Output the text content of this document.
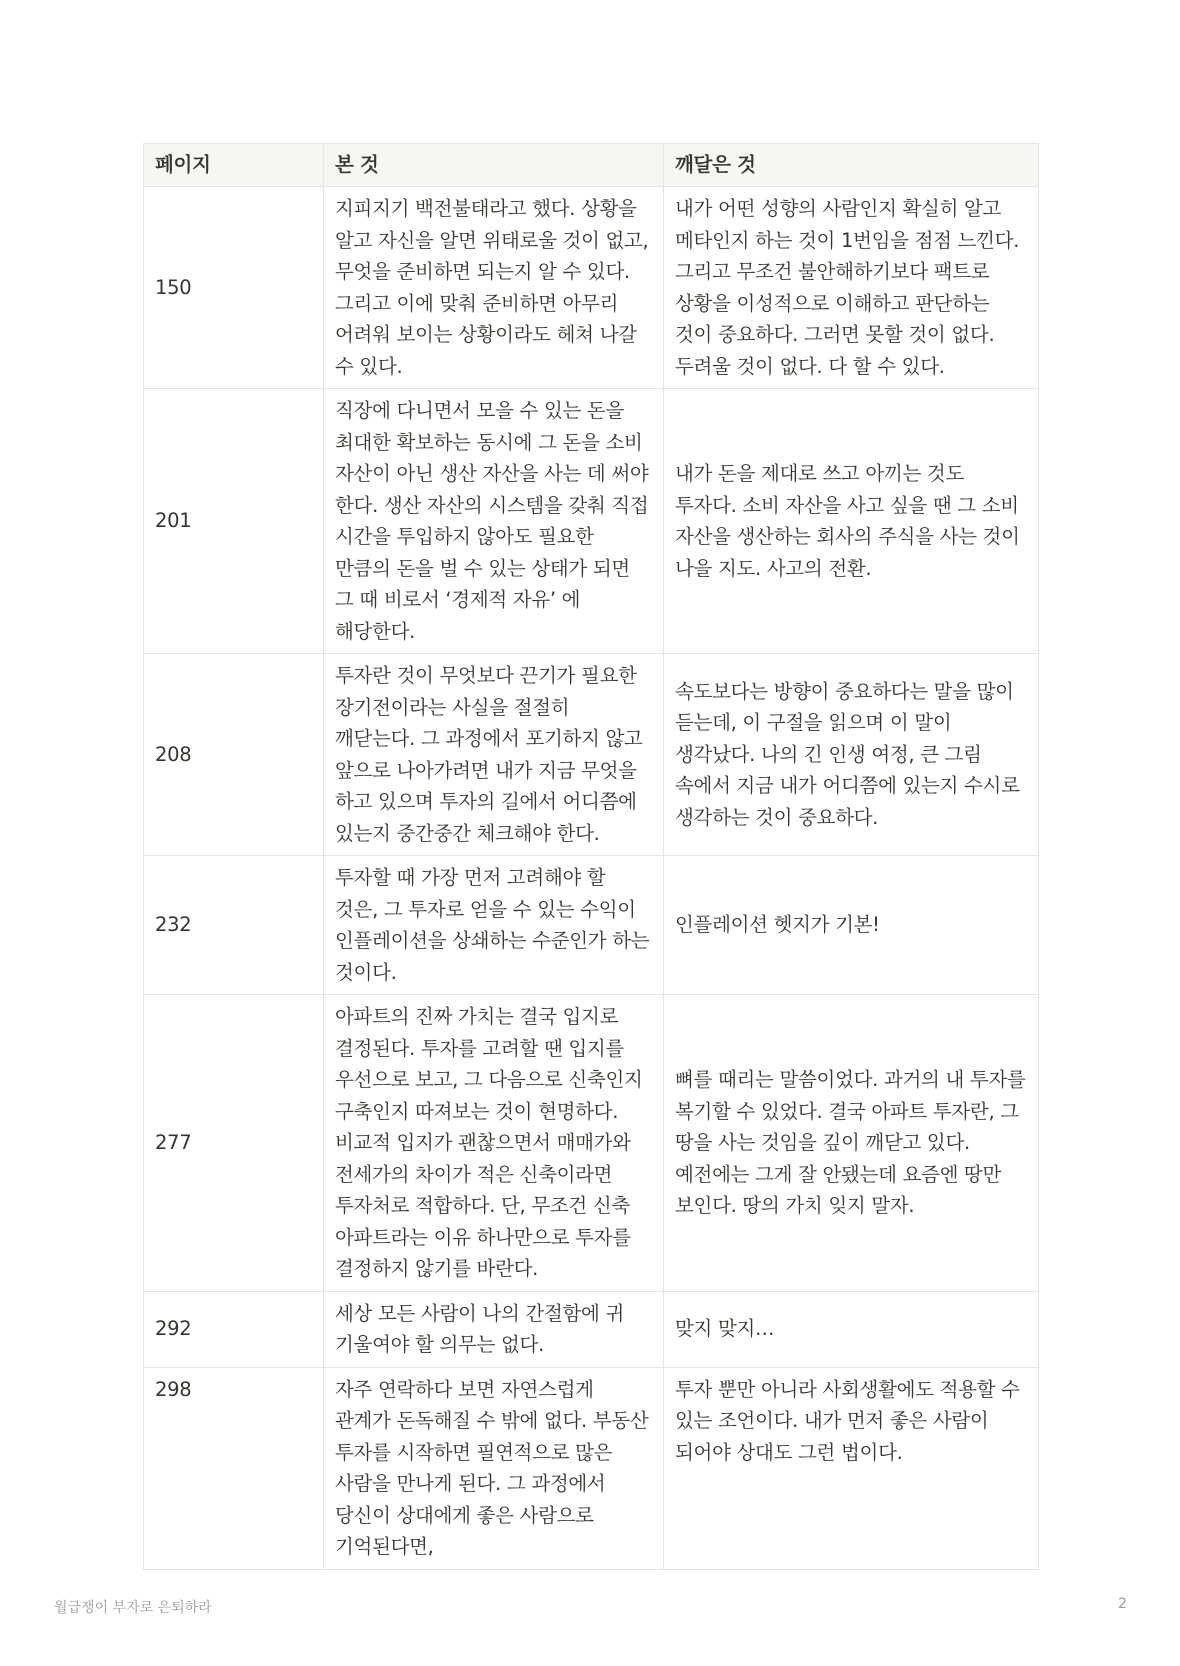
페이지	본 것	깨달은 것
150	지피지기 백전불태라고 했다. 상황을 알고 자신을 알면 위태로울 것이 없고, 무엇을 준비하면 되는지 알 수 있다. 그리고 이에 맞춰 준비하면 아무리 어려워 보이는 상황이라도 헤쳐 나갈 수 있다.	내가 어떤 성향의 사람인지 확실히 알고 메타인지 하는 것이 1번임을 점점 느낀다. 그리고 무조건 불안해하기보다 팩트로 상황을 이성적으로 이해하고 판단하는 것이 중요하다. 그러면 못할 것이 없다. 두려울 것이 없다. 다 할 수 있다.
201	직장에 다니면서 모을 수 있는 돈을 최대한 확보하는 동시에 그 돈을 소비 자산이 아닌 생산 자산을 사는 데 써야 한다. 생산 자산의 시스템을 갖춰 직접 시간을 투입하지 않아도 필요한 만큼의 돈을 벌 수 있는 상태가 되면 그 때 비로서 ‘경제적 자유’ 에 해당한다.	내가 돈을 제대로 쓰고 아끼는 것도 투자다. 소비 자산을 사고 싶을 땐 그 소비 자산을 생산하는 회사의 주식을 사는 것이 나을 지도. 사고의 전환.
208	투자란 것이 무엇보다 끈기가 필요한 장기전이라는 사실을 절절히 깨닫는다. 그 과정에서 포기하지 않고 앞으로 나아가려면 내가 지금 무엇을 하고 있으며 투자의 길에서 어디쯤에 있는지 중간중간 체크해야 한다.	속도보다는 방향이 중요하다는 말을 많이 듣는데, 이 구절을 읽으며 이 말이 생각났다. 나의 긴 인생 여정, 큰 그림 속에서 지금 내가 어디쯤에 있는지 수시로 생각하는 것이 중요하다.
232	투자할 때 가장 먼저 고려해야 할 것은, 그 투자로 얻을 수 있는 수익이 인플레이션을 상쇄하는 수준인가 하는 것이다.	인플레이션 헷지가 기본!
277	아파트의 진짜 가치는 결국 입지로 결정된다. 투자를 고려할 땐 입지를 우선으로 보고, 그 다음으로 신축인지 구축인지 따져보는 것이 현명하다. 비교적 입지가 괜찮으면서 매매가와 전세가의 차이가 적은 신축이라면 투자처로 적합하다. 단, 무조건 신축 아파트라는 이유 하나만으로 투자를 결정하지 않기를 바란다.	뼈를 때리는 말씀이었다. 과거의 내 투자를 복기할 수 있었다. 결국 아파트 투자란, 그 땅을 사는 것임을 깊이 깨닫고 있다. 예전에는 그게 잘 안됐는데 요즘엔 땅만 보인다. 땅의 가치 잊지 말자.
292	세상 모든 사람이 나의 간절함에 귀 기울여야 할 의무는 없다.	맞지 맞지…
298	자주 연락하다 보면 자연스럽게 관계가 돈독해질 수 밖에 없다. 부동산 투자를 시작하면 필연적으로 많은 사람을 만나게 된다. 그 과정에서 당신이 상대에게 좋은 사람으로 기억된다면,	투자 뿐만 아니라 사회생활에도 적용할 수 있는 조언이다. 내가 먼저 좋은 사람이 되어야 상대도 그런 법이다.
월급쟁이 부자로 은퇴하라	2
